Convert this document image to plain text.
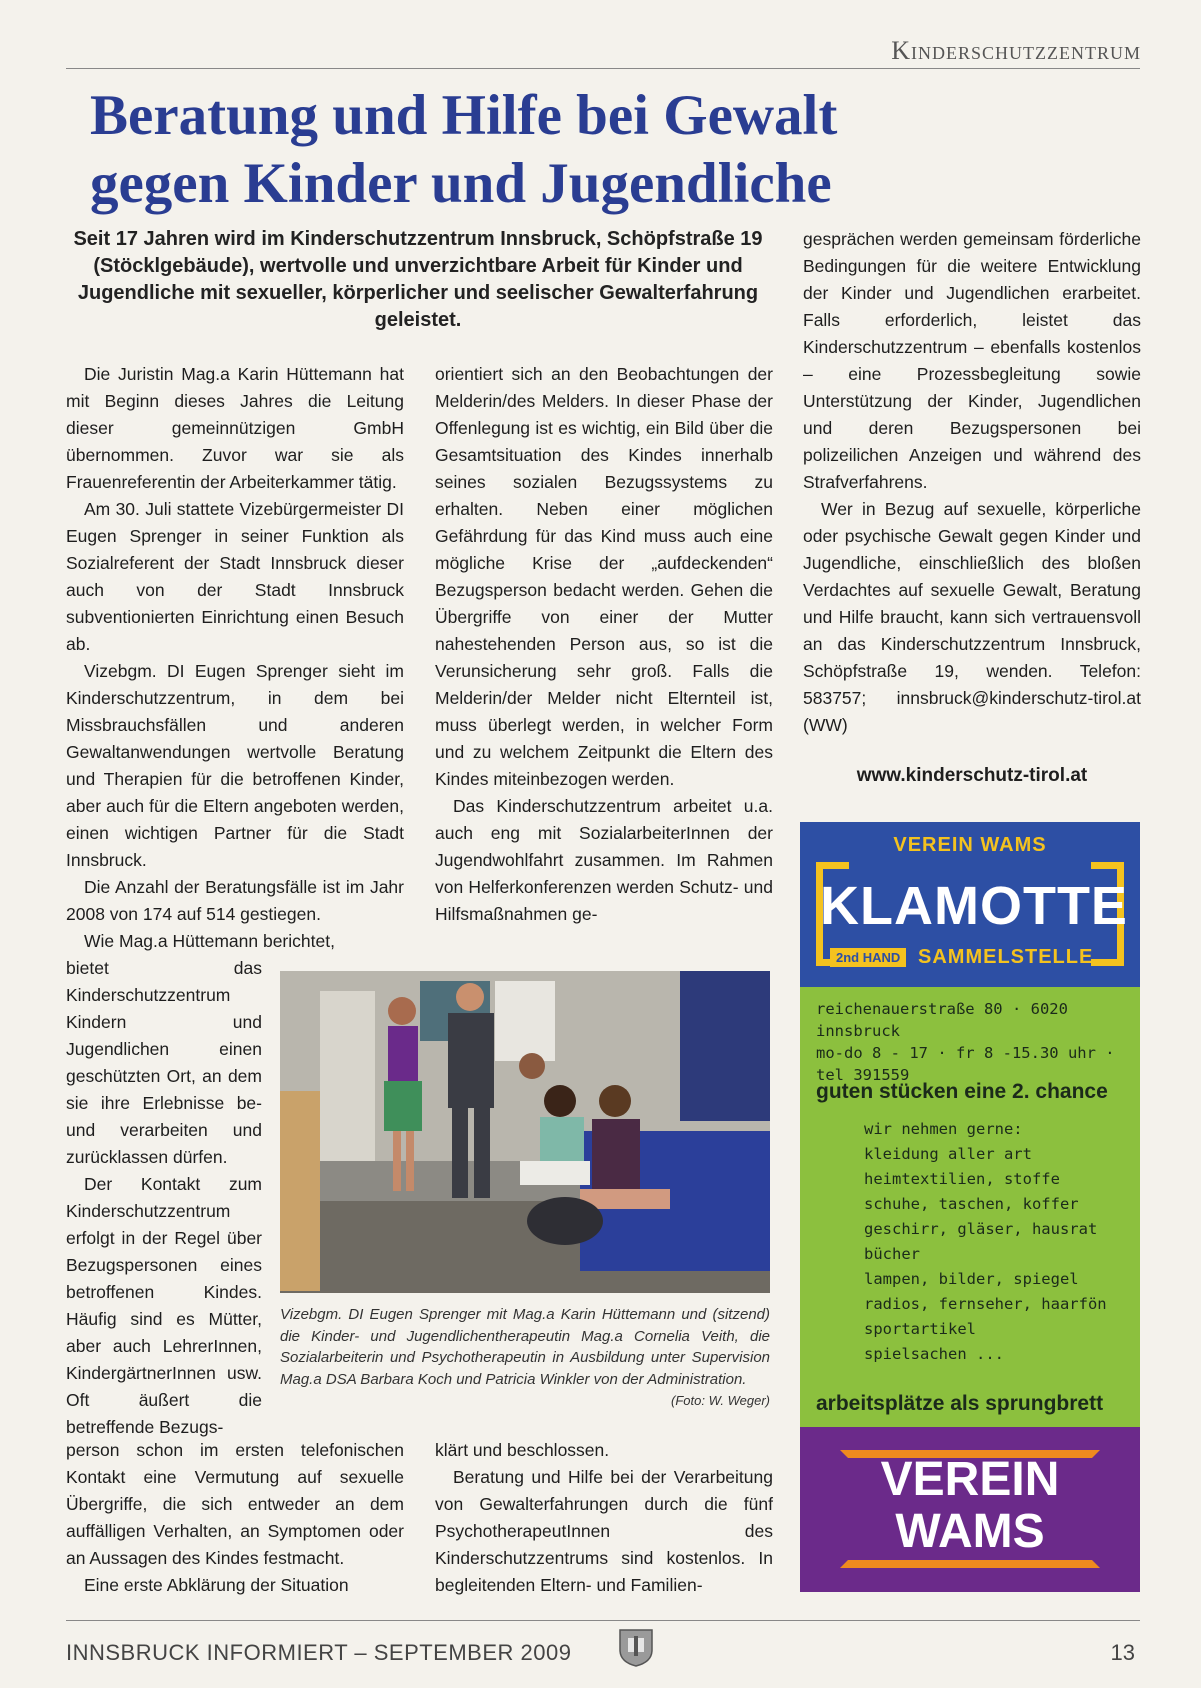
Kinderschutzzentrum
Beratung und Hilfe bei Gewalt
gegen Kinder und Jugendliche
Seit 17 Jahren wird im Kinderschutzzentrum Innsbruck, Schöpfstraße 19 (Stöcklgebäude), wertvolle und unverzichtbare Arbeit für Kinder und Jugendliche mit sexueller, körperlicher und seelischer Gewalterfahrung geleistet.

Die Juristin Mag.a Karin Hüttemann hat mit Beginn dieses Jahres die Leitung dieser gemeinnützigen GmbH übernommen. Zuvor war sie als Frauenreferentin der Arbeiterkammer tätig.

Am 30. Juli stattete Vizebürgermeister DI Eugen Sprenger in seiner Funktion als Sozialreferent der Stadt Innsbruck dieser auch von der Stadt Innsbruck subventionierten Einrichtung einen Besuch ab.

Vizebgm. DI Eugen Sprenger sieht im Kinderschutzzentrum, in dem bei Missbrauchsfällen und anderen Gewaltanwendungen wertvolle Beratung und Therapien für die betroffenen Kinder, aber auch für die Eltern angeboten werden, einen wichtigen Partner für die Stadt Innsbruck.

Die Anzahl der Beratungsfälle ist im Jahr 2008 von 174 auf 514 gestiegen.

Wie Mag.a Hüttemann berichtet,

bietet das Kinderschutzzentrum Kindern und Jugendlichen einen geschützten Ort, an dem sie ihre Erlebnisse be- und verarbeiten und zurücklassen dürfen.

Der Kontakt zum Kinderschutzzentrum erfolgt in der Regel über Bezugspersonen eines betroffenen Kindes. Häufig sind es Mütter, aber auch LehrerInnen, KindergärtnerInnen usw. Oft äußert die betreffende Bezugs-

person schon im ersten telefonischen Kontakt eine Vermutung auf sexuelle Übergriffe, die sich entweder an dem auffälligen Verhalten, an Symptomen oder an Aussagen des Kindes festmacht.

Eine erste Abklärung der Situation

orientiert sich an den Beobachtungen der Melderin/des Melders. In dieser Phase der Offenlegung ist es wichtig, ein Bild über die Gesamtsituation des Kindes innerhalb seines sozialen Bezugssystems zu erhalten. Neben einer möglichen Gefährdung für das Kind muss auch eine mögliche Krise der „aufdeckenden“ Bezugsperson bedacht werden. Gehen die Übergriffe von einer der Mutter nahestehenden Person aus, so ist die Verunsicherung sehr groß. Falls die Melderin/der Melder nicht Elternteil ist, muss überlegt werden, in welcher Form und zu welchem Zeitpunkt die Eltern des Kindes miteinbezogen werden.

Das Kinderschutzzentrum arbeitet u.a. auch eng mit SozialarbeiterInnen der Jugendwohlfahrt zusammen. Im Rahmen von Helferkonferenzen werden Schutz- und Hilfsmaßnahmen ge-

klärt und beschlossen.

Beratung und Hilfe bei der Verarbeitung von Gewalterfahrungen durch die fünf PsychotherapeutInnen des Kinderschutzzentrums sind kostenlos. In begleitenden Eltern- und Familien-

gesprächen werden gemeinsam förderliche Bedingungen für die weitere Entwicklung der Kinder und Jugendlichen erarbeitet. Falls erforderlich, leistet das Kinderschutzzentrum – ebenfalls kostenlos – eine Prozessbegleitung sowie Unterstützung der Kinder, Jugendlichen und deren Bezugspersonen bei polizeilichen Anzeigen und während des Strafverfahrens.

Wer in Bezug auf sexuelle, körperliche oder psychische Gewalt gegen Kinder und Jugendliche, einschließlich des bloßen Verdachtes auf sexuelle Gewalt, Beratung und Hilfe braucht, kann sich vertrauensvoll an das Kinderschutzzentrum Innsbruck, Schöpfstraße 19, wenden. Telefon: 583757; innsbruck@kinderschutz-tirol.at (WW)

www.kinderschutz-tirol.at
Vizebgm. DI Eugen Sprenger mit Mag.a Karin Hüttemann und (sitzend) die Kinder- und Jugendlichentherapeutin Mag.a Cornelia Veith, die Sozialarbeiterin und Psychotherapeutin in Ausbildung unter Supervision Mag.a DSA Barbara Koch und Patricia Winkler von der Administration.
(Foto: W. Weger)
VEREIN WAMS
KLAMOTTE
2nd HAND SAMMELSTELLE
reichenauerstraße 80 · 6020 innsbruck
mo-do 8 - 17 · fr 8 -15.30 uhr · tel 391559
guten stücken eine 2. chance
wir nehmen gerne:
kleidung aller art
heimtextilien, stoffe
schuhe, taschen, koffer
geschirr, gläser, hausrat
bücher
lampen, bilder, spiegel
radios, fernseher, haarfön
sportartikel
spielsachen ...
arbeitsplätze als sprungbrett
VEREIN
WAMS
INNSBRUCK INFORMIERT – SEPTEMBER 2009	13
